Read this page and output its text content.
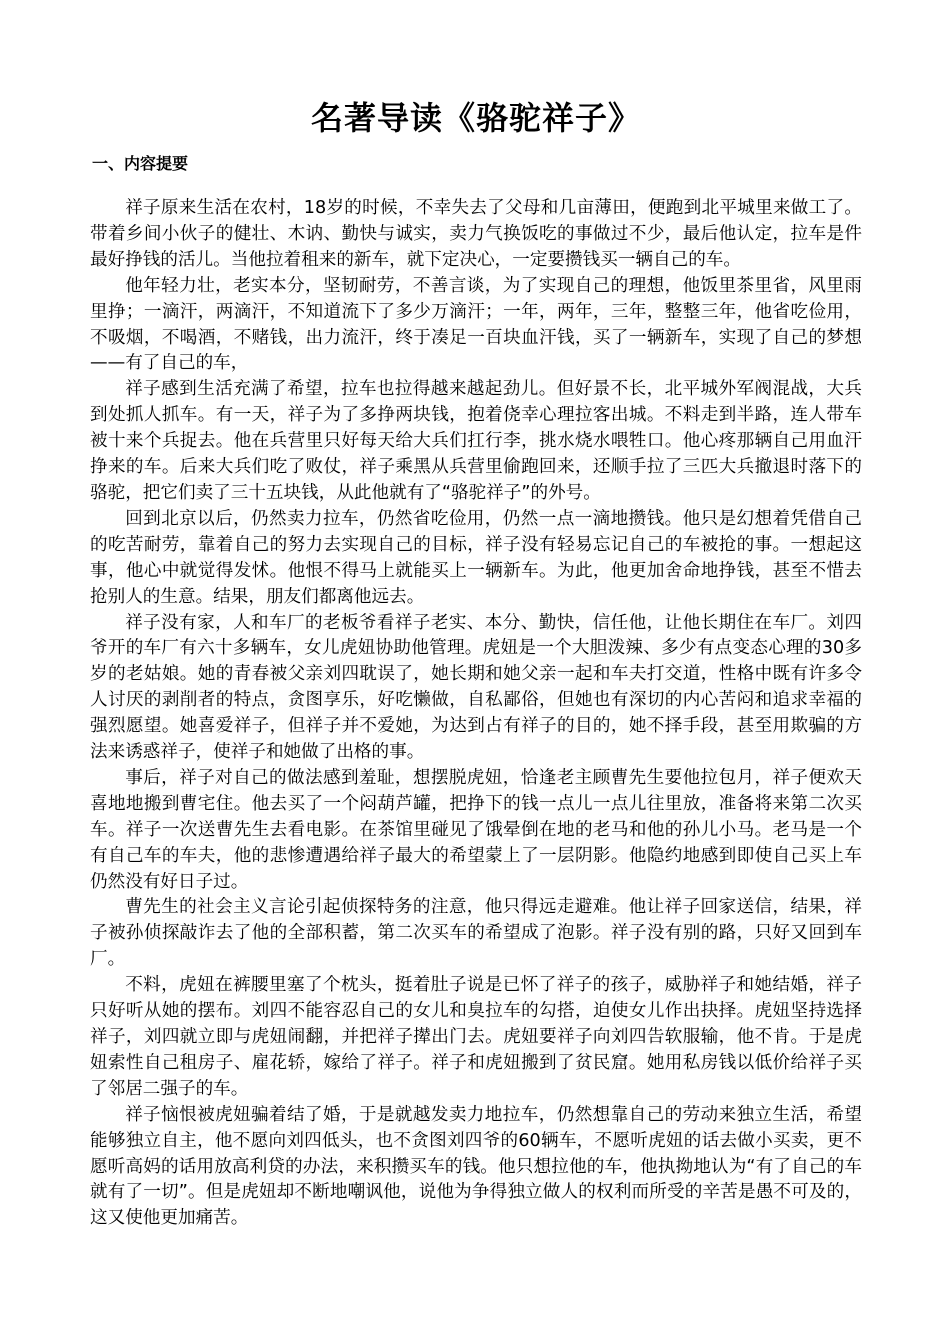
名著导读《骆驼祥子》
一、内容提要

祥子原来生活在农村，18岁的时候，不幸失去了父母和几亩薄田，便跑到北平城里来做工了。带着乡间小伙子的健壮、木讷、勤快与诚实，卖力气换饭吃的事做过不少，最后他认定，拉车是件最好挣钱的活儿。当他拉着租来的新车，就下定决心，一定要攒钱买一辆自己的车。

他年轻力壮，老实本分，坚韧耐劳，不善言谈，为了实现自己的理想，他饭里茶里省，风里雨里挣；一滴汗，两滴汗，不知道流下了多少万滴汗；一年，两年，三年，整整三年，他省吃俭用，不吸烟，不喝酒，不赌钱，出力流汗，终于凑足一百块血汗钱，买了一辆新车，实现了自己的梦想——有了自己的车，

祥子感到生活充满了希望，拉车也拉得越来越起劲儿。但好景不长，北平城外军阀混战，大兵到处抓人抓车。有一天，祥子为了多挣两块钱，抱着侥幸心理拉客出城。不料走到半路，连人带车被十来个兵捉去。他在兵营里只好每天给大兵们扛行李，挑水烧水喂牲口。他心疼那辆自己用血汗挣来的车。后来大兵们吃了败仗，祥子乘黑从兵营里偷跑回来，还顺手拉了三匹大兵撤退时落下的骆驼，把它们卖了三十五块钱，从此他就有了“骆驼祥子”的外号。

回到北京以后，仍然卖力拉车，仍然省吃俭用，仍然一点一滴地攒钱。他只是幻想着凭借自己的吃苦耐劳，靠着自己的努力去实现自己的目标，祥子没有轻易忘记自己的车被抢的事。一想起这事，他心中就觉得发怵。他恨不得马上就能买上一辆新车。为此，他更加舍命地挣钱，甚至不惜去抢别人的生意。结果，朋友们都离他远去。

祥子没有家，人和车厂的老板爷看祥子老实、本分、勤快，信任他，让他长期住在车厂。刘四爷开的车厂有六十多辆车，女儿虎妞协助他管理。虎妞是一个大胆泼辣、多少有点变态心理的30多岁的老姑娘。她的青春被父亲刘四耽误了，她长期和她父亲一起和车夫打交道，性格中既有许多令人讨厌的剥削者的特点，贪图享乐，好吃懒做，自私鄙俗，但她也有深切的内心苦闷和追求幸福的强烈愿望。她喜爱祥子，但祥子并不爱她，为达到占有祥子的目的，她不择手段，甚至用欺骗的方法来诱惑祥子，使祥子和她做了出格的事。

事后，祥子对自己的做法感到羞耻，想摆脱虎妞，恰逢老主顾曹先生要他拉包月，祥子便欢天喜地地搬到曹宅住。他去买了一个闷葫芦罐，把挣下的钱一点儿一点儿往里放，准备将来第二次买车。祥子一次送曹先生去看电影。在茶馆里碰见了饿晕倒在地的老马和他的孙儿小马。老马是一个有自己车的车夫，他的悲惨遭遇给祥子最大的希望蒙上了一层阴影。他隐约地感到即使自己买上车仍然没有好日子过。

曹先生的社会主义言论引起侦探特务的注意，他只得远走避难。他让祥子回家送信，结果，祥子被孙侦探敲诈去了他的全部积蓄，第二次买车的希望成了泡影。祥子没有别的路，只好又回到车厂。

不料，虎妞在裤腰里塞了个枕头，挺着肚子说是已怀了祥子的孩子，威胁祥子和她结婚，祥子只好听从她的摆布。刘四不能容忍自己的女儿和臭拉车的勾搭，迫使女儿作出抉择。虎妞坚持选择祥子，刘四就立即与虎妞闹翻，并把祥子撵出门去。虎妞要祥子向刘四告软服输，他不肯。于是虎妞索性自己租房子、雇花轿，嫁给了祥子。祥子和虎妞搬到了贫民窟。她用私房钱以低价给祥子买了邻居二强子的车。

祥子恼恨被虎妞骗着结了婚，于是就越发卖力地拉车，仍然想靠自己的劳动来独立生活，希望能够独立自主，他不愿向刘四低头，也不贪图刘四爷的60辆车，不愿听虎妞的话去做小买卖，更不愿听高妈的话用放高利贷的办法，来积攒买车的钱。他只想拉他的车，他执拗地认为“有了自己的车就有了一切”。但是虎妞却不断地嘲讽他，说他为争得独立做人的权利而所受的辛苦是愚不可及的，这又使他更加痛苦。
